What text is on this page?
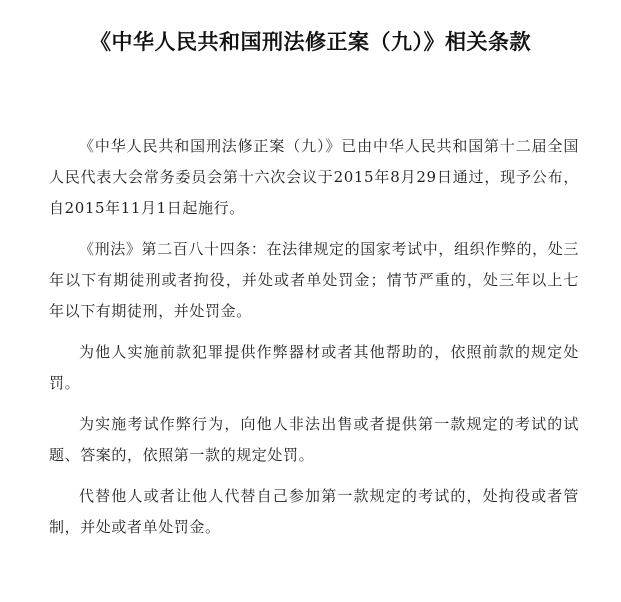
《中华人民共和国刑法修正案（九）》相关条款

《中华人民共和国刑法修正案（九）》已由中华人民共和国第十二届全国人民代表大会常务委员会第十六次会议于2015年8月29日通过，现予公布，自2015年11月1日起施行。

《刑法》第二百八十四条：在法律规定的国家考试中，组织作弊的，处三年以下有期徒刑或者拘役，并处或者单处罚金；情节严重的，处三年以上七年以下有期徒刑，并处罚金。

为他人实施前款犯罪提供作弊器材或者其他帮助的，依照前款的规定处罚。

为实施考试作弊行为，向他人非法出售或者提供第一款规定的考试的试题、答案的，依照第一款的规定处罚。

代替他人或者让他人代替自己参加第一款规定的考试的，处拘役或者管制，并处或者单处罚金。
